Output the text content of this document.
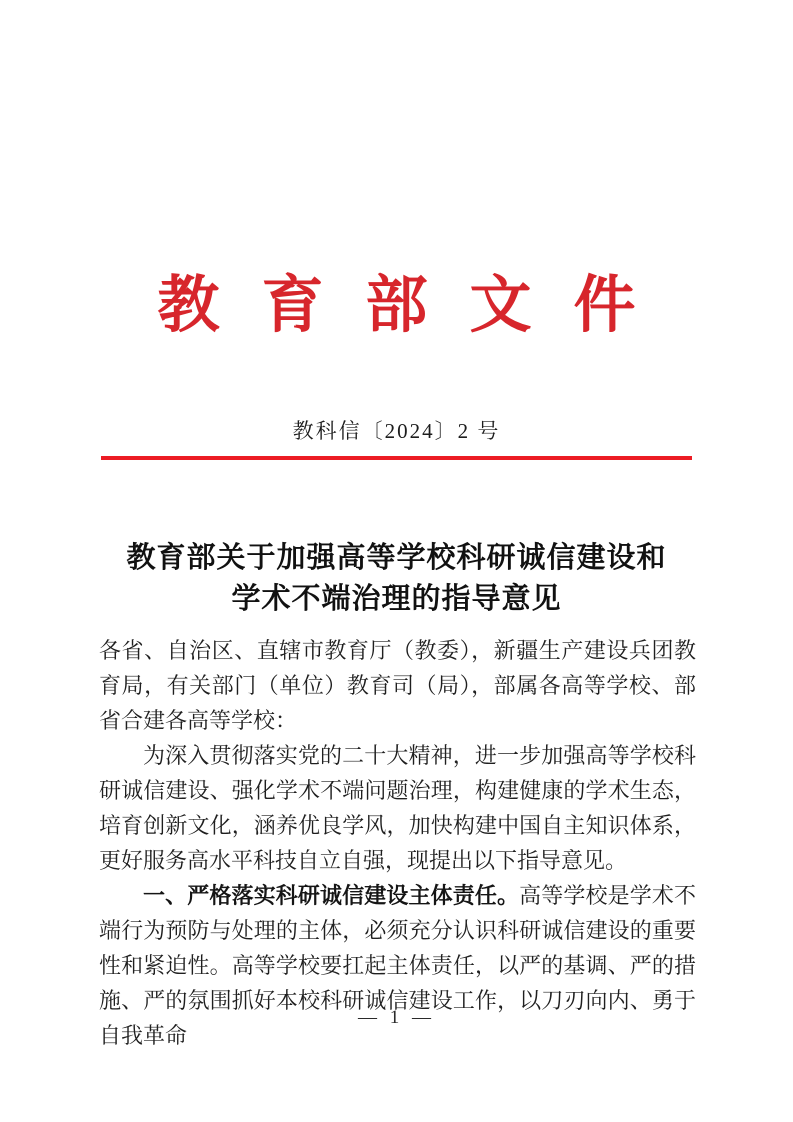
教育部文件
教科信〔2024〕2 号
教育部关于加强高等学校科研诚信建设和
学术不端治理的指导意见

各省、自治区、直辖市教育厅（教委），新疆生产建设兵团教育局，有关部门（单位）教育司（局），部属各高等学校、部省合建各高等学校：

为深入贯彻落实党的二十大精神，进一步加强高等学校科研诚信建设、强化学术不端问题治理，构建健康的学术生态，培育创新文化，涵养优良学风，加快构建中国自主知识体系，更好服务高水平科技自立自强，现提出以下指导意见。

一、严格落实科研诚信建设主体责任。高等学校是学术不端行为预防与处理的主体，必须充分认识科研诚信建设的重要性和紧迫性。高等学校要扛起主体责任，以严的基调、严的措施、严的氛围抓好本校科研诚信建设工作，以刀刃向内、勇于自我革命

— 1 —
